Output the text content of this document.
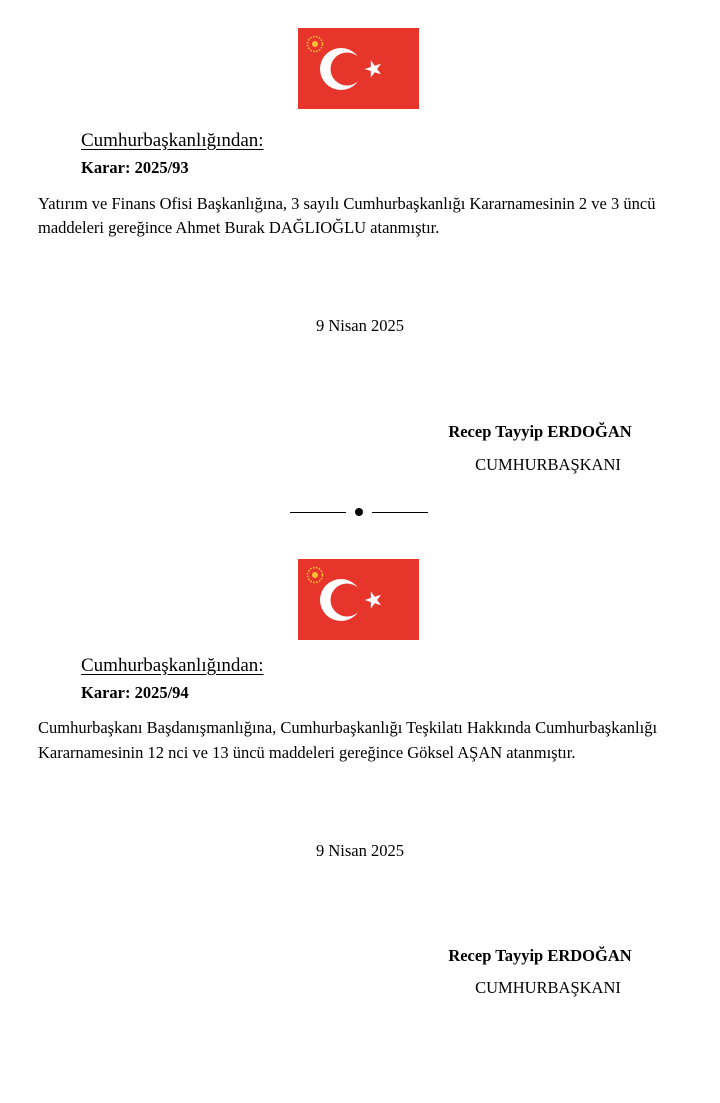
Cumhurbaşkanlığından:
Karar: 2025/93
Yatırım ve Finans Ofisi Başkanlığına, 3 sayılı Cumhurbaşkanlığı Kararnamesinin 2 ve 3 üncü
maddeleri gereğince Ahmet Burak DAĞLIOĞLU atanmıştır.
9 Nisan 2025
Recep Tayyip ERDOĞAN
CUMHURBAŞKANI
Cumhurbaşkanlığından:
Karar: 2025/94
Cumhurbaşkanı Başdanışmanlığına, Cumhurbaşkanlığı Teşkilatı Hakkında Cumhurbaşkanlığı
Kararnamesinin 12 nci ve 13 üncü maddeleri gereğince Göksel AŞAN atanmıştır.
9 Nisan 2025
Recep Tayyip ERDOĞAN
CUMHURBAŞKANI
